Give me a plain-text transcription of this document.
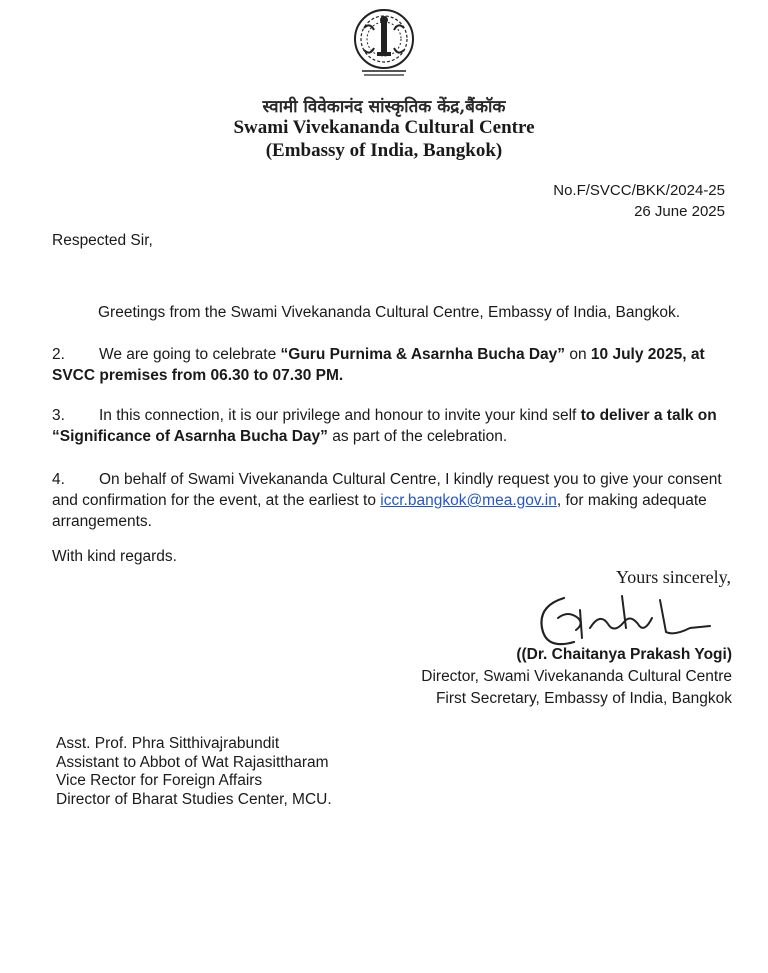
स्वामी विवेकानंद सांस्कृतिक केंद्र,बैंकॉक
Swami Vivekananda Cultural Centre
(Embassy of India, Bangkok)
No.F/SVCC/BKK/2024-25
26 June 2025
Respected Sir,
Greetings from the Swami Vivekananda Cultural Centre, Embassy of India, Bangkok.
2. We are going to celebrate “Guru Purnima & Asarnha Bucha Day” on 10 July 2025, at SVCC premises from 06.30 to 07.30 PM.
3. In this connection, it is our privilege and honour to invite your kind self to deliver a talk on “Significance of Asarnha Bucha Day” as part of the celebration.
4. On behalf of Swami Vivekananda Cultural Centre, I kindly request you to give your consent and confirmation for the event, at the earliest to iccr.bangkok@mea.gov.in, for making adequate arrangements.
With kind regards.
Yours sincerely,
((Dr. Chaitanya Prakash Yogi)
Director, Swami Vivekananda Cultural Centre
First Secretary, Embassy of India, Bangkok
Asst. Prof. Phra Sitthivajrabundit
Assistant to Abbot of Wat Rajasittharam
Vice Rector for Foreign Affairs
Director of Bharat Studies Center, MCU.
